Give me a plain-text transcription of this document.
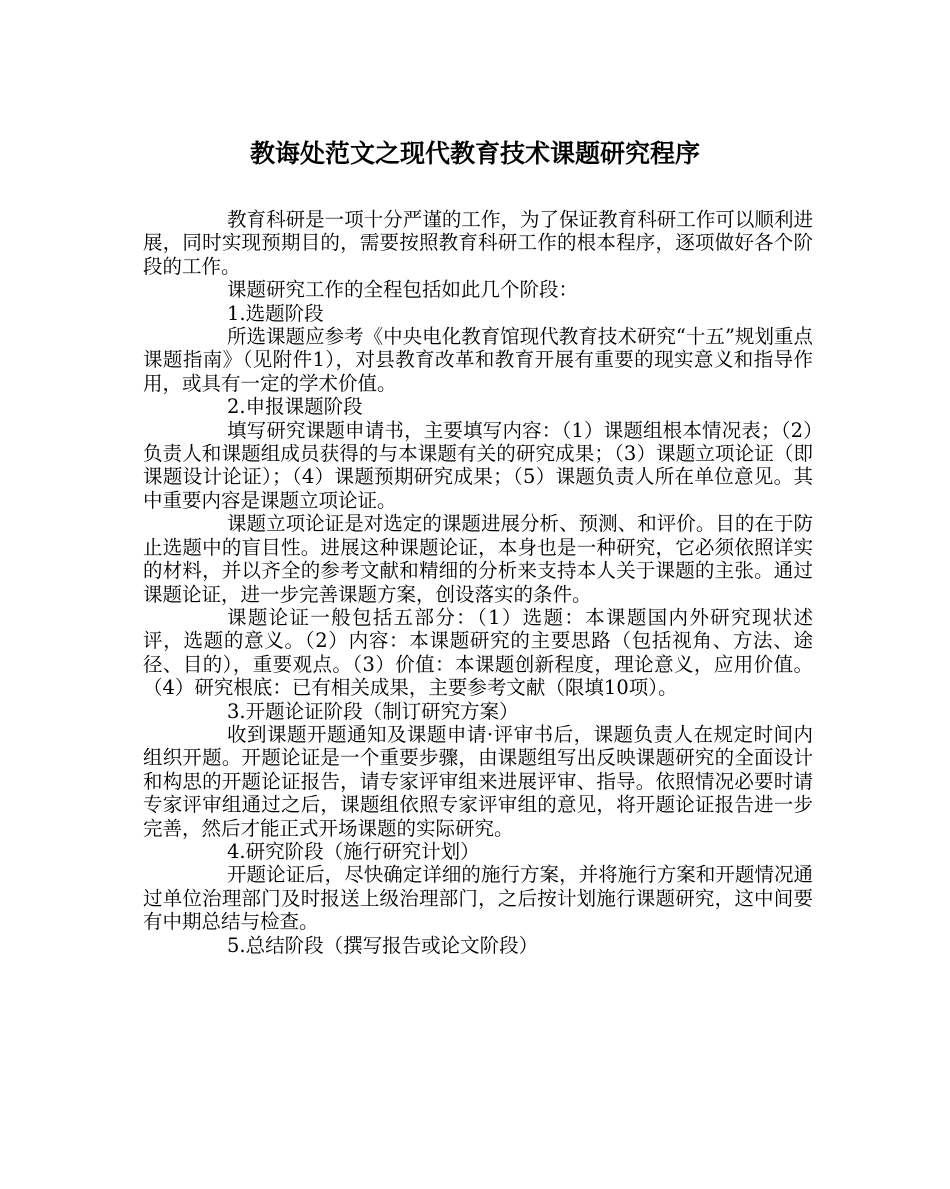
教诲处范文之现代教育技术课题研究程序

教育科研是一项十分严谨的工作，为了保证教育科研工作可以顺利进展，同时实现预期目的，需要按照教育科研工作的根本程序，逐项做好各个阶段的工作。

课题研究工作的全程包括如此几个阶段：

1.选题阶段

所选课题应参考《中央电化教育馆现代教育技术研究“十五”规划重点课题指南》（见附件1），对县教育改革和教育开展有重要的现实意义和指导作用，或具有一定的学术价值。

2.申报课题阶段

填写研究课题申请书，主要填写内容：（1）课题组根本情况表；（2）负责人和课题组成员获得的与本课题有关的研究成果；（3）课题立项论证（即课题设计论证）；（4）课题预期研究成果；（5）课题负责人所在单位意见。其中重要内容是课题立项论证。

课题立项论证是对选定的课题进展分析、预测、和评价。目的在于防止选题中的盲目性。进展这种课题论证，本身也是一种研究，它必须依照详实的材料，并以齐全的参考文献和精细的分析来支持本人关于课题的主张。通过课题论证，进一步完善课题方案，创设落实的条件。

课题论证一般包括五部分：（1）选题：本课题国内外研究现状述评，选题的意义。（2）内容：本课题研究的主要思路（包括视角、方法、途径、目的），重要观点。（3）价值：本课题创新程度，理论意义，应用价值。（4）研究根底：已有相关成果，主要参考文献（限填10项）。

3.开题论证阶段（制订研究方案）

收到课题开题通知及课题申请·评审书后，课题负责人在规定时间内组织开题。开题论证是一个重要步骤，由课题组写出反映课题研究的全面设计和构思的开题论证报告，请专家评审组来进展评审、指导。依照情况必要时请专家评审组通过之后，课题组依照专家评审组的意见，将开题论证报告进一步完善，然后才能正式开场课题的实际研究。

4.研究阶段（施行研究计划）

开题论证后，尽快确定详细的施行方案，并将施行方案和开题情况通过单位治理部门及时报送上级治理部门，之后按计划施行课题研究，这中间要有中期总结与检查。

5.总结阶段（撰写报告或论文阶段）
